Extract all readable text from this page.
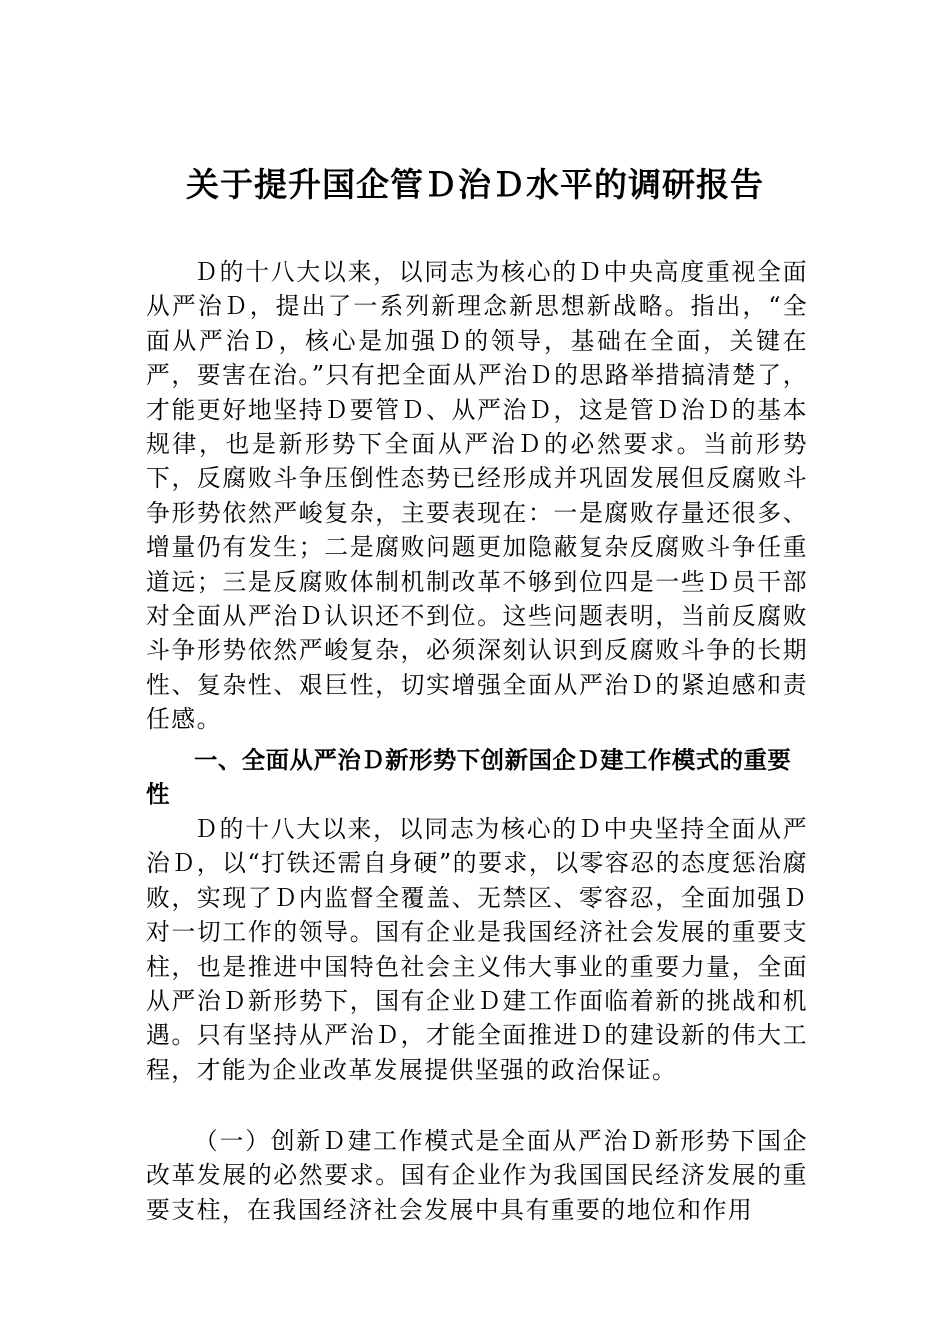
关于提升国企管Ｄ治Ｄ水平的调研报告

Ｄ的十八大以来，以同志为核心的Ｄ中央高度重视全面从严治Ｄ，提出了一系列新理念新思想新战略。指出，“全面从严治Ｄ，核心是加强Ｄ的领导，基础在全面，关键在严，要害在治。”只有把全面从严治Ｄ的思路举措搞清楚了，才能更好地坚持Ｄ要管Ｄ、从严治Ｄ，这是管Ｄ治Ｄ的基本规律，也是新形势下全面从严治Ｄ的必然要求。当前形势下，反腐败斗争压倒性态势已经形成并巩固发展但反腐败斗争形势依然严峻复杂，主要表现在：一是腐败存量还很多、增量仍有发生；二是腐败问题更加隐蔽复杂反腐败斗争任重道远；三是反腐败体制机制改革不够到位四是一些Ｄ员干部对全面从严治Ｄ认识还不到位。这些问题表明，当前反腐败斗争形势依然严峻复杂，必须深刻认识到反腐败斗争的长期性、复杂性、艰巨性，切实增强全面从严治Ｄ的紧迫感和责任感。

一、全面从严治Ｄ新形势下创新国企Ｄ建工作模式的重要性

Ｄ的十八大以来，以同志为核心的Ｄ中央坚持全面从严治Ｄ，以“打铁还需自身硬”的要求，以零容忍的态度惩治腐败，实现了Ｄ内监督全覆盖、无禁区、零容忍，全面加强Ｄ对一切工作的领导。国有企业是我国经济社会发展的重要支柱，也是推进中国特色社会主义伟大事业的重要力量，全面从严治Ｄ新形势下，国有企业Ｄ建工作面临着新的挑战和机遇。只有坚持从严治Ｄ，才能全面推进Ｄ的建设新的伟大工程，才能为企业改革发展提供坚强的政治保证。

（一）创新Ｄ建工作模式是全面从严治Ｄ新形势下国企改革发展的必然要求。国有企业作为我国国民经济发展的重要支柱，在我国经济社会发展中具有重要的地位和作用
